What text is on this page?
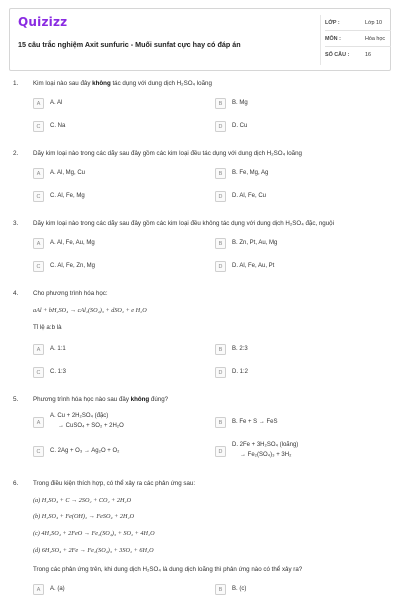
Quizizz
15 câu trắc nghiệm Axit sunfuric - Muối sunfat cực hay có đáp án
LỚP :	Lớp 10
MÔN :	Hóa học
SỐ CÂU :	16
1. Kim loại nào sau đây không tác dụng với dung dịch H₂SO₄ loãng
A	A. Al	B	B. Mg
C	C. Na	D	D. Cu
2. Dãy kim loại nào trong các dãy sau đây gồm các kim loại đều tác dụng với dung dịch H₂SO₄ loãng
A	A. Al, Mg, Cu	B	B. Fe, Mg, Ag
C	C. Al, Fe, Mg	D	D. Al, Fe, Cu
3. Dãy kim loại nào trong các dãy sau đây gồm các kim loại đều không tác dụng với dung dịch H₂SO₄ đặc, nguội
A	A. Al, Fe, Au, Mg	B	B. Zn, Pt, Au, Mg
C	C. Al, Fe, Zn, Mg	D	D. Al, Fe, Au, Pt
4. Cho phương trình hóa học:
aAl + bH₂SO₄ → cAl₂(SO₄)₃ + dSO₂ + e H₂O
Tỉ lệ a:b là
A	A. 1:1	B	B. 2:3
C	C. 1:3	D	D. 1:2
5. Phương trình hóa học nào sau đây không đúng?
A
A. Cu + 2H₂SO₄ (đặc)
→ CuSO₄ + SO₂ + 2H₂O	B	B. Fe + S → FeS
C	C. 2Ag + O₃ → Ag₂O + O₂	D
D. 2Fe + 3H₂SO₄ (loãng)
→ Fe₂(SO₄)₃ + 3H₂
6. Trong điều kiện thích hợp, có thể xảy ra các phản ứng sau:
(a) H₂SO₄ + C → 2SO₂ + CO₂ + 2H₂O
(b) H₂SO₄ + Fe(OH)₂ → FeSO₄ + 2H₂O
(c) 4H₂SO₄ + 2FeO → Fe₂(SO₄)₃ + SO₂ + 4H₂O
(d) 6H₂SO₄ + 2Fe → Fe₂(SO₄)₃ + 3SO₂ + 6H₂O
Trong các phản ứng trên, khi dung dịch H₂SO₄ là dung dịch loãng thì phản ứng nào có thể xảy ra?
A	A. (a)	B	B. (c)
